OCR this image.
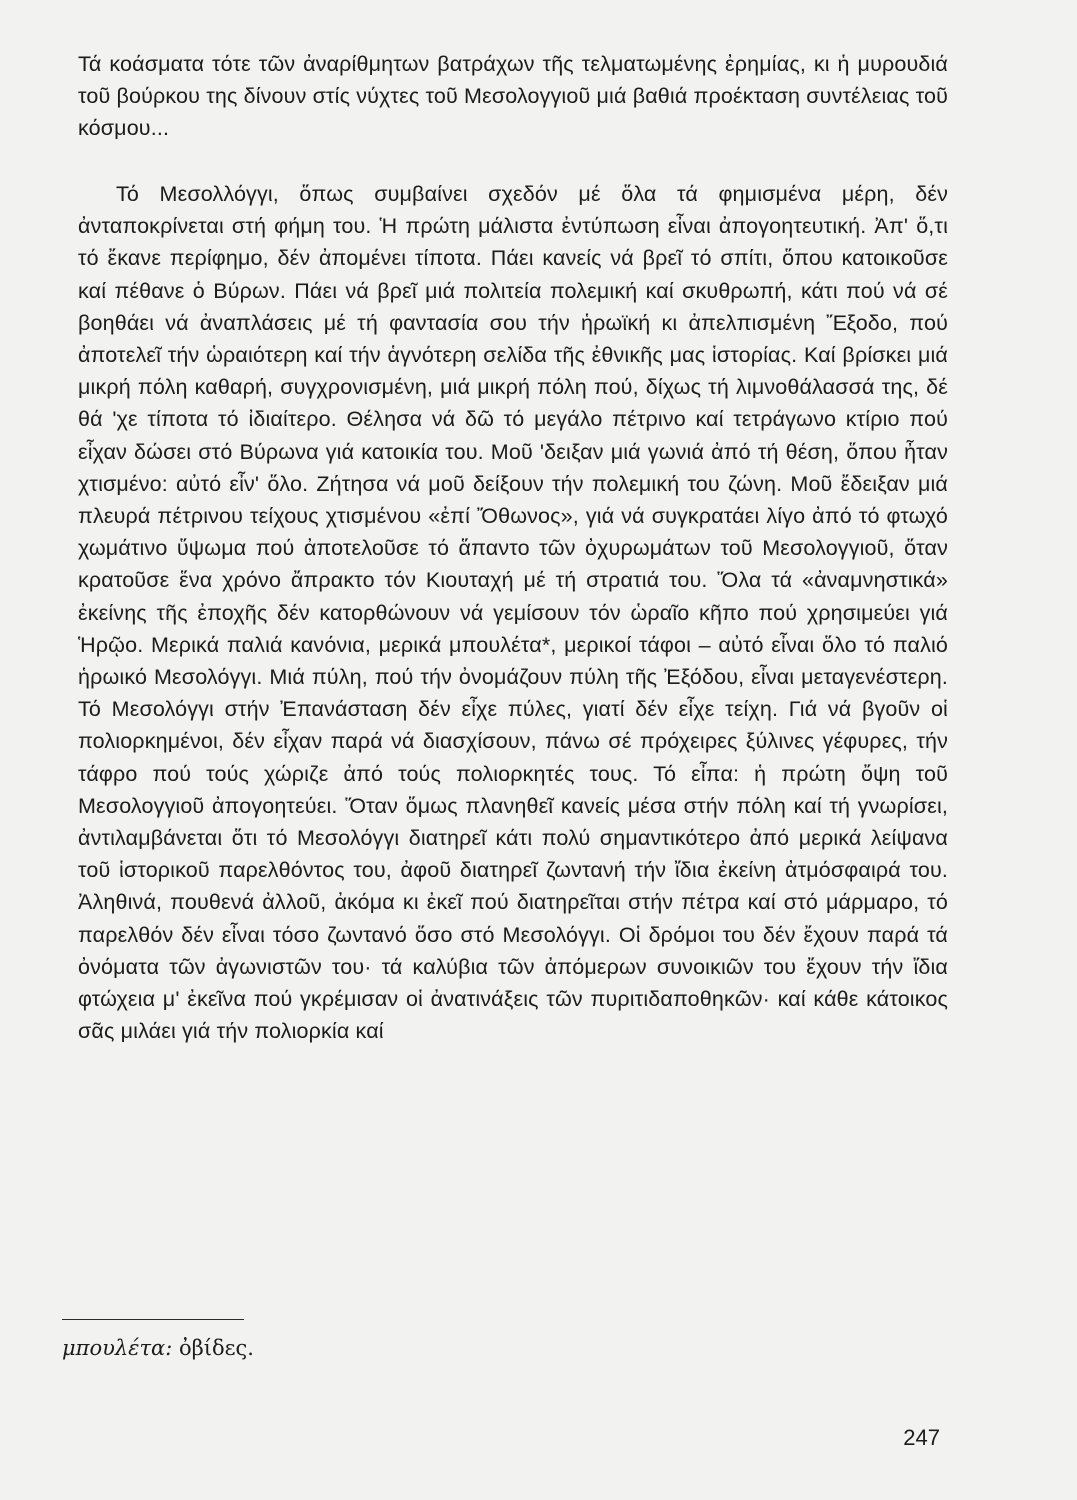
Τά κοάσματα τότε τῶν ἀναρίθμητων βατράχων τῆς τελματωμένης ἐρημίας, κι ἡ μυρουδιά τοῦ βούρκου της δίνουν στίς νύχτες τοῦ Μεσολογγιοῦ μιά βαθιά προέκταση συντέλειας τοῦ κόσμου...

Τό Μεσολλόγγι, ὅπως συμβαίνει σχεδόν μέ ὅλα τά φημισμένα μέρη, δέν ἀνταποκρίνεται στή φήμη του. Ἡ πρώτη μάλιστα ἐντύπωση εἶναι ἀπογοητευτική. Ἀπ' ὅ,τι τό ἔκανε περίφημο, δέν ἀπομένει τίποτα. Πάει κανείς νά βρεῖ τό σπίτι, ὅπου κατοικοῦσε καί πέθανε ὁ Βύρων. Πάει νά βρεῖ μιά πολιτεία πολεμική καί σκυθρωπή, κάτι πού νά σέ βοηθάει νά ἀναπλάσεις μέ τή φαντασία σου τήν ἡρωϊκή κι ἀπελπισμένη Ἔξοδο, πού ἀποτελεῖ τήν ὡραιότερη καί τήν ἁγνότερη σελίδα τῆς ἐθνικῆς μας ἱστορίας. Καί βρίσκει μιά μικρή πόλη καθαρή, συγχρονισμένη, μιά μικρή πόλη πού, δίχως τή λιμνοθάλασσά της, δέ θά 'χε τίποτα τό ἰδιαίτερο. Θέλησα νά δῶ τό μεγάλο πέτρινο καί τετράγωνο κτίριο πού εἶχαν δώσει στό Βύρωνα γιά κατοικία του. Μοῦ 'δειξαν μιά γωνιά ἀπό τή θέση, ὅπου ἦταν χτισμένο: αὐτό εἶν' ὅλο. Ζήτησα νά μοῦ δείξουν τήν πολεμική του ζώνη. Μοῦ ἔδειξαν μιά πλευρά πέτρινου τείχους χτισμένου «ἐπί Ὄθωνος», γιά νά συγκρατάει λίγο ἀπό τό φτωχό χωμάτινο ὕψωμα πού ἀποτελοῦσε τό ἅπαντο τῶν ὀχυρωμάτων τοῦ Μεσολογγιοῦ, ὅταν κρατοῦσε ἕνα χρόνο ἄπρακτο τόν Κιουταχή μέ τή στρατιά του. Ὅλα τά «ἀναμνηστικά» ἐκείνης τῆς ἐποχῆς δέν κατορθώνουν νά γεμίσουν τόν ὡραῖο κῆπο πού χρησιμεύει γιά Ἡρῷο. Μερικά παλιά κανόνια, μερικά μπουλέτα*, μερικοί τάφοι – αὐτό εἶναι ὅλο τό παλιό ἡρωικό Μεσολόγγι. Μιά πύλη, πού τήν ὀνομάζουν πύλη τῆς Ἐξόδου, εἶναι μεταγενέστερη. Τό Μεσολόγγι στήν Ἐπανάσταση δέν εἶχε πύλες, γιατί δέν εἶχε τείχη. Γιά νά βγοῦν οἱ πολιορκημένοι, δέν εἶχαν παρά νά διασχίσουν, πάνω σέ πρόχειρες ξύλινες γέφυρες, τήν τάφρο πού τούς χώριζε ἀπό τούς πολιορκητές τους. Τό εἶπα: ἡ πρώτη ὄψη τοῦ Μεσολογγιοῦ ἀπογοητεύει. Ὅταν ὅμως πλανηθεῖ κανείς μέσα στήν πόλη καί τή γνωρίσει, ἀντιλαμβάνεται ὅτι τό Μεσολόγγι διατηρεῖ κάτι πολύ σημαντικότερο ἀπό μερικά λείψανα τοῦ ἱστορικοῦ παρελθόντος του, ἀφοῦ διατηρεῖ ζωντανή τήν ἴδια ἐκείνη ἀτμόσφαιρά του. Ἀληθινά, πουθενά ἀλλοῦ, ἀκόμα κι ἐκεῖ πού διατηρεῖται στήν πέτρα καί στό μάρμαρο, τό παρελθόν δέν εἶναι τόσο ζωντανό ὅσο στό Μεσολόγγι. Οἱ δρόμοι του δέν ἔχουν παρά τά ὀνόματα τῶν ἀγωνιστῶν του· τά καλύβια τῶν ἀπόμερων συνοικιῶν του ἔχουν τήν ἴδια φτώχεια μ' ἐκεῖνα πού γκρέμισαν οἱ ἀνατινάξεις τῶν πυριτιδαποθηκῶν· καί κάθε κάτοικος σᾶς μιλάει γιά τήν πολιορκία καί

μπουλέτα: ὀβίδες.

247
